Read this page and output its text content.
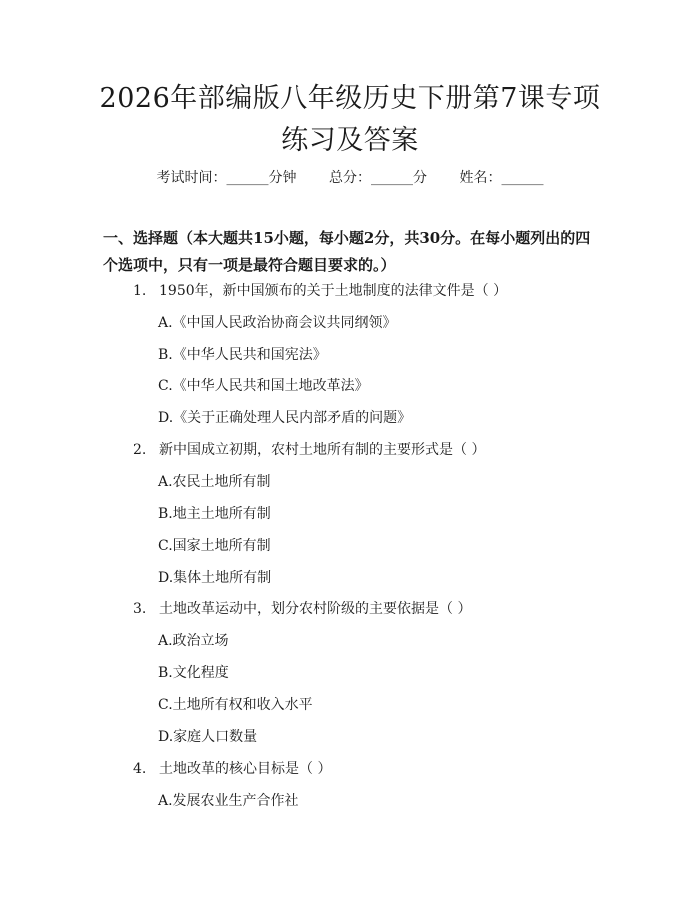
2026年部编版八年级历史下册第7课专项练习及答案
考试时间：______分钟 总分：______分 姓名：______
一、选择题（本大题共15小题，每小题2分，共30分。在每小题列出的四个选项中，只有一项是最符合题目要求的。）
1. 1950年，新中国颁布的关于土地制度的法律文件是（ ）
A.《中国人民政治协商会议共同纲领》
B.《中华人民共和国宪法》
C.《中华人民共和国土地改革法》
D.《关于正确处理人民内部矛盾的问题》
2. 新中国成立初期，农村土地所有制的主要形式是（ ）
A.农民土地所有制
B.地主土地所有制
C.国家土地所有制
D.集体土地所有制
3. 土地改革运动中，划分农村阶级的主要依据是（ ）
A.政治立场
B.文化程度
C.土地所有权和收入水平
D.家庭人口数量
4. 土地改革的核心目标是（ ）
A.发展农业生产合作社
